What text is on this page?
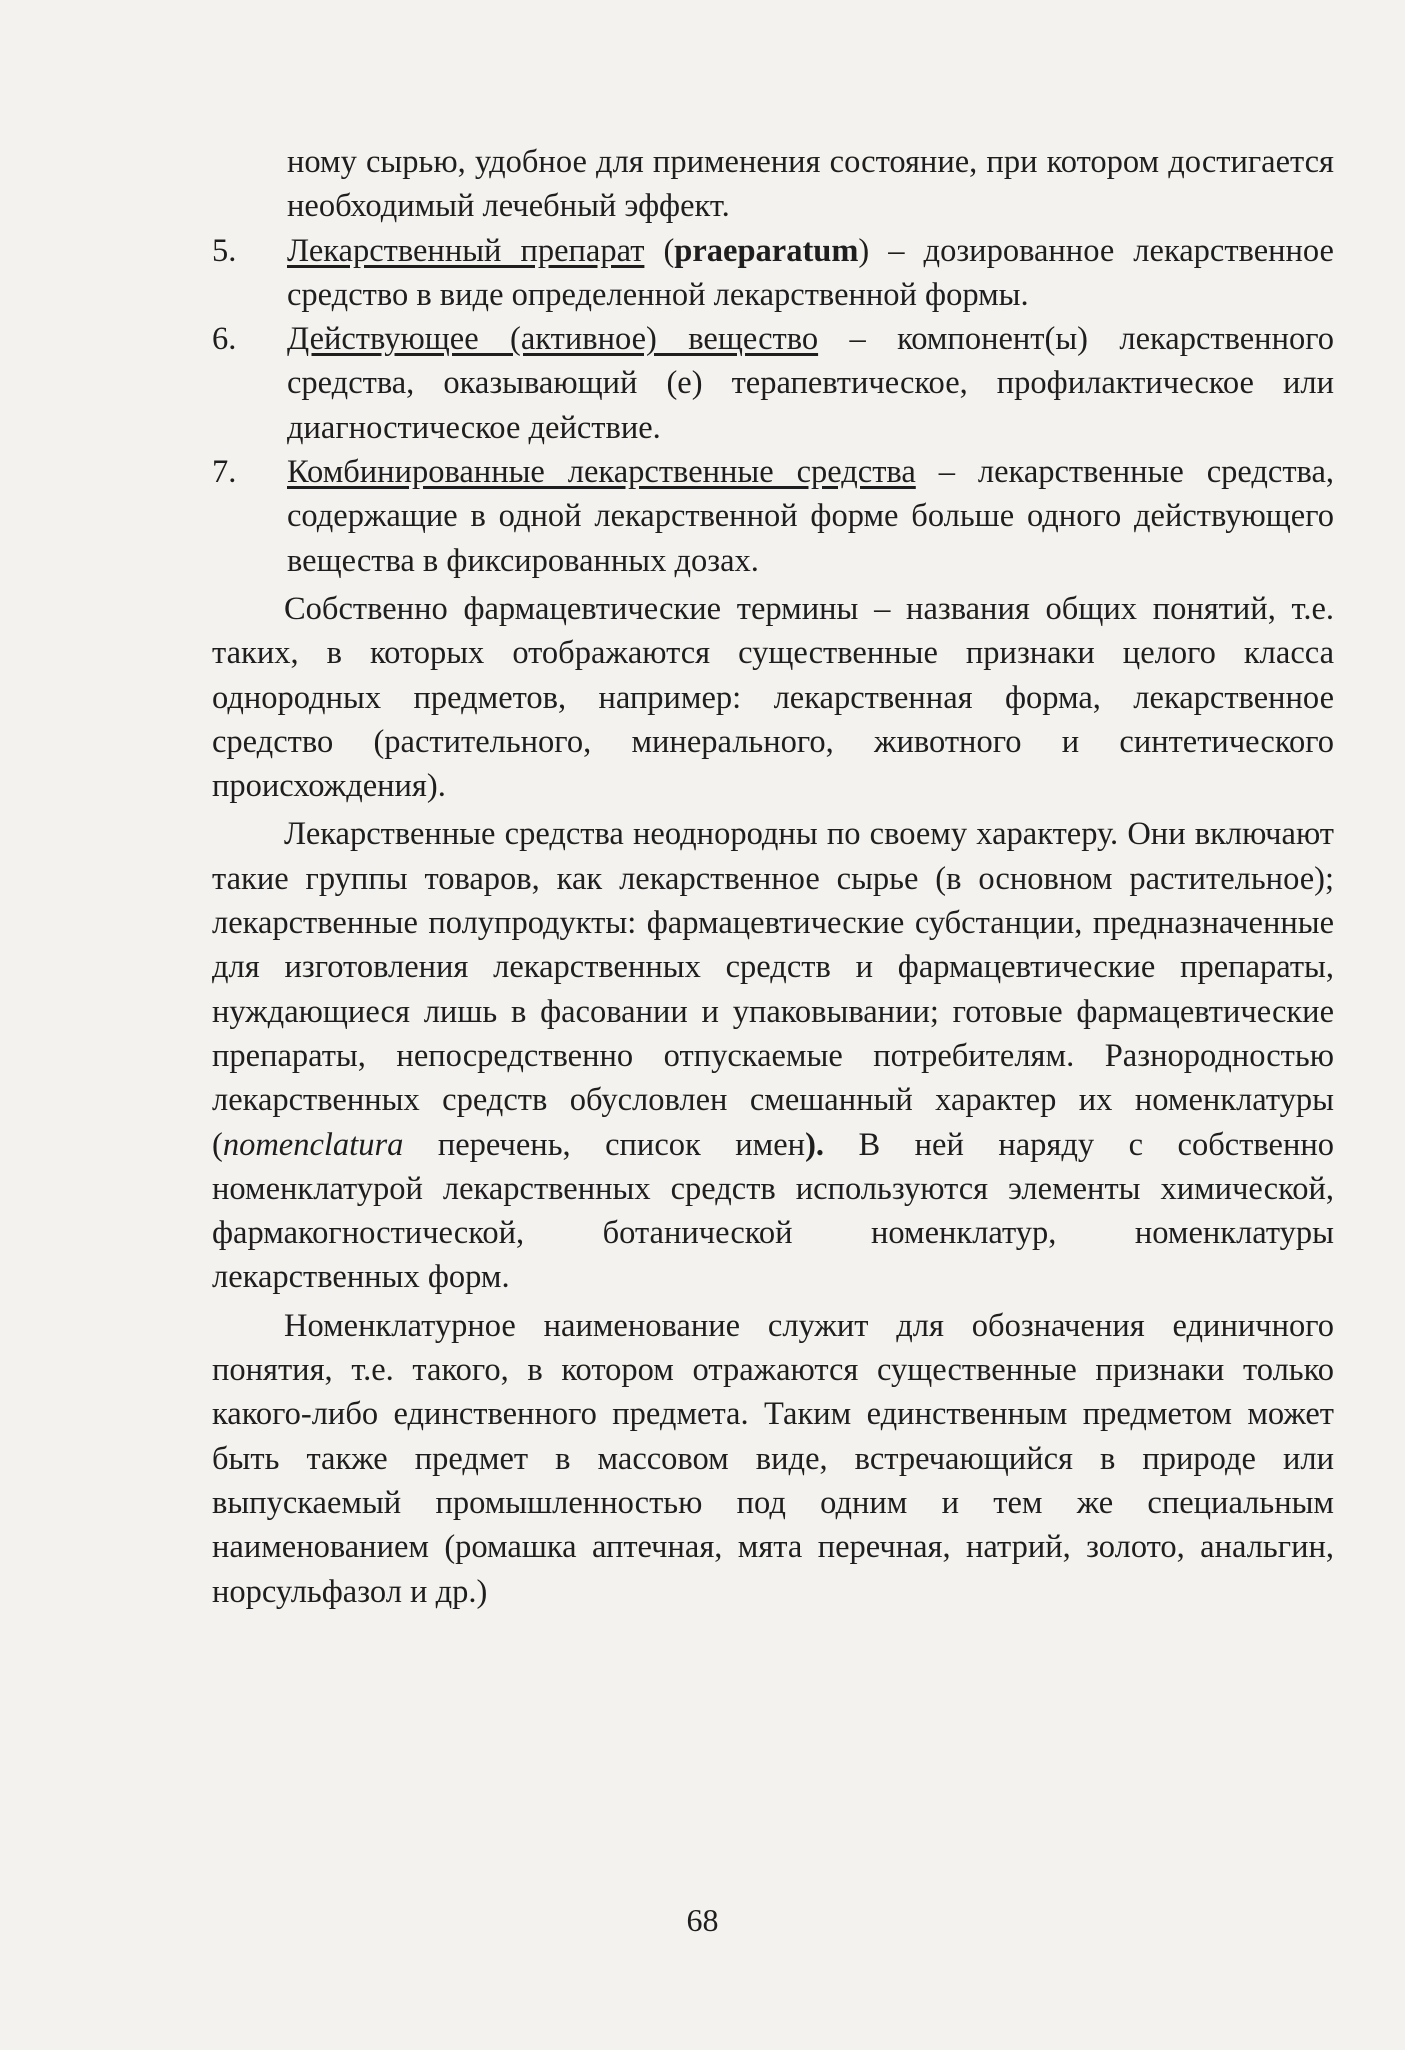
ному сырью, удобное для применения состояние, при котором достигается необходимый лечебный эффект.

5. Лекарственный препарат (praeparatum) – дозированное лекарственное средство в виде определенной лекарственной формы.

6. Действующее (активное) вещество – компонент(ы) лекарственного средства, оказывающий (е) терапевтическое, профилактическое или диагностическое действие.

7. Комбинированные лекарственные средства – лекарственные средства, содержащие в одной лекарственной форме больше одного действующего вещества в фиксированных дозах.

Собственно фармацевтические термины – названия общих понятий, т.е. таких, в которых отображаются существенные признаки целого класса однородных предметов, например: лекарственная форма, лекарственное средство (растительного, минерального, животного и синтетического происхождения).

Лекарственные средства неоднородны по своему характеру. Они включают такие группы товаров, как лекарственное сырье (в основном растительное); лекарственные полупродукты: фармацевтические субстанции, предназначенные для изготовления лекарственных средств и фармацевтические препараты, нуждающиеся лишь в фасовании и упаковывании; готовые фармацевтические препараты, непосредственно отпускаемые потребителям. Разнородностью лекарственных средств обусловлен смешанный характер их номенклатуры (nomenclatura перечень, список имен). В ней наряду с собственно номенклатурой лекарственных средств используются элементы химической, фармакогностической, ботанической номенклатур, номенклатуры лекарственных форм.

Номенклатурное наименование служит для обозначения единичного понятия, т.е. такого, в котором отражаются существенные признаки только какого-либо единственного предмета. Таким единственным предметом может быть также предмет в массовом виде, встречающийся в природе или выпускаемый промышленностью под одним и тем же специальным наименованием (ромашка аптечная, мята перечная, натрий, золото, анальгин, норсульфазол и др.)

68
